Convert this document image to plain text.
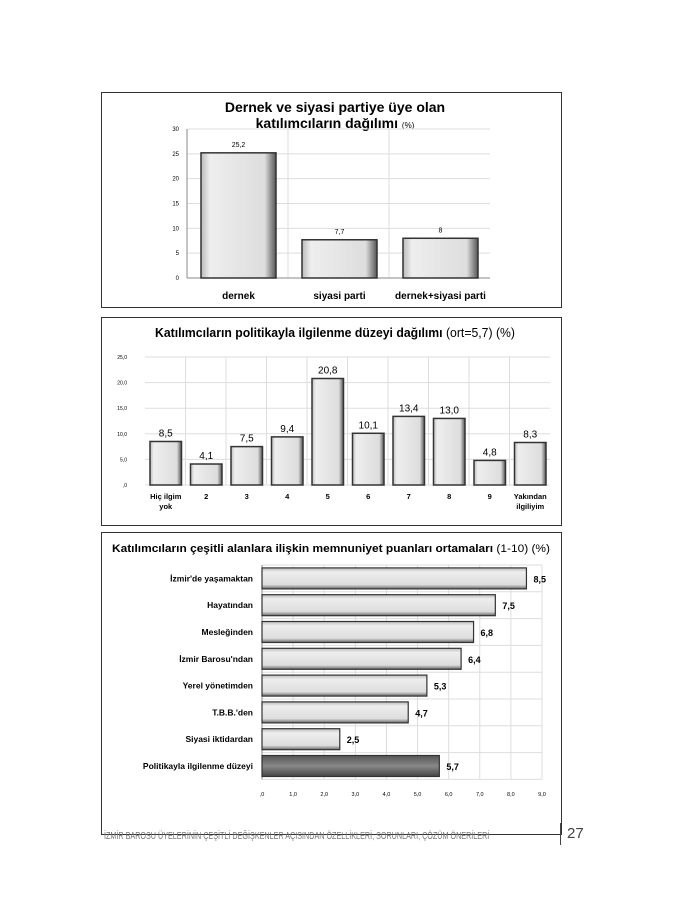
Dernek ve siyasi partiye üye olan
katılımcıların dağılımı (%)
0
5
10
15
20
25
30
25,2
dernek
7,7
siyasi parti
8
dernek+siyasi parti
Katılımcıların politikayla ilgilenme düzeyi dağılımı (ort=5,7) (%)
,0
5,0
10,0
15,0
20,0
25,0
8,5
Hiç ilgim
yok
4,1
2
7,5
3
9,4
4
20,8
5
10,1
6
13,4
7
13,0
8
4,8
9
8,3
Yakından
ilgiliyim
Katılımcıların çeşitli alanlara ilişkin memnuniyet puanları ortamaları	(1-10) (%)
,0	1,0	2,0	3,0	4,0	5,0	6,0	7,0	8,0	9,0
8,5
İzmir'de yaşamaktan
7,5
Hayatından
6,8
Mesleğinden
6,4
İzmir Barosu'ndan
5,3
Yerel yönetimden
4,7
T.B.B.'den
2,5
Siyasi iktidardan
5,7
Politikayla ilgilenme düzeyi
İZMİR BAROSU ÜYELERİNİN ÇEŞİTLİ DEĞİŞKENLER AÇISINDAN ÖZELLİKLERİ, SORUNLARI, ÇÖZÜM ÖNERİLERİ	27
